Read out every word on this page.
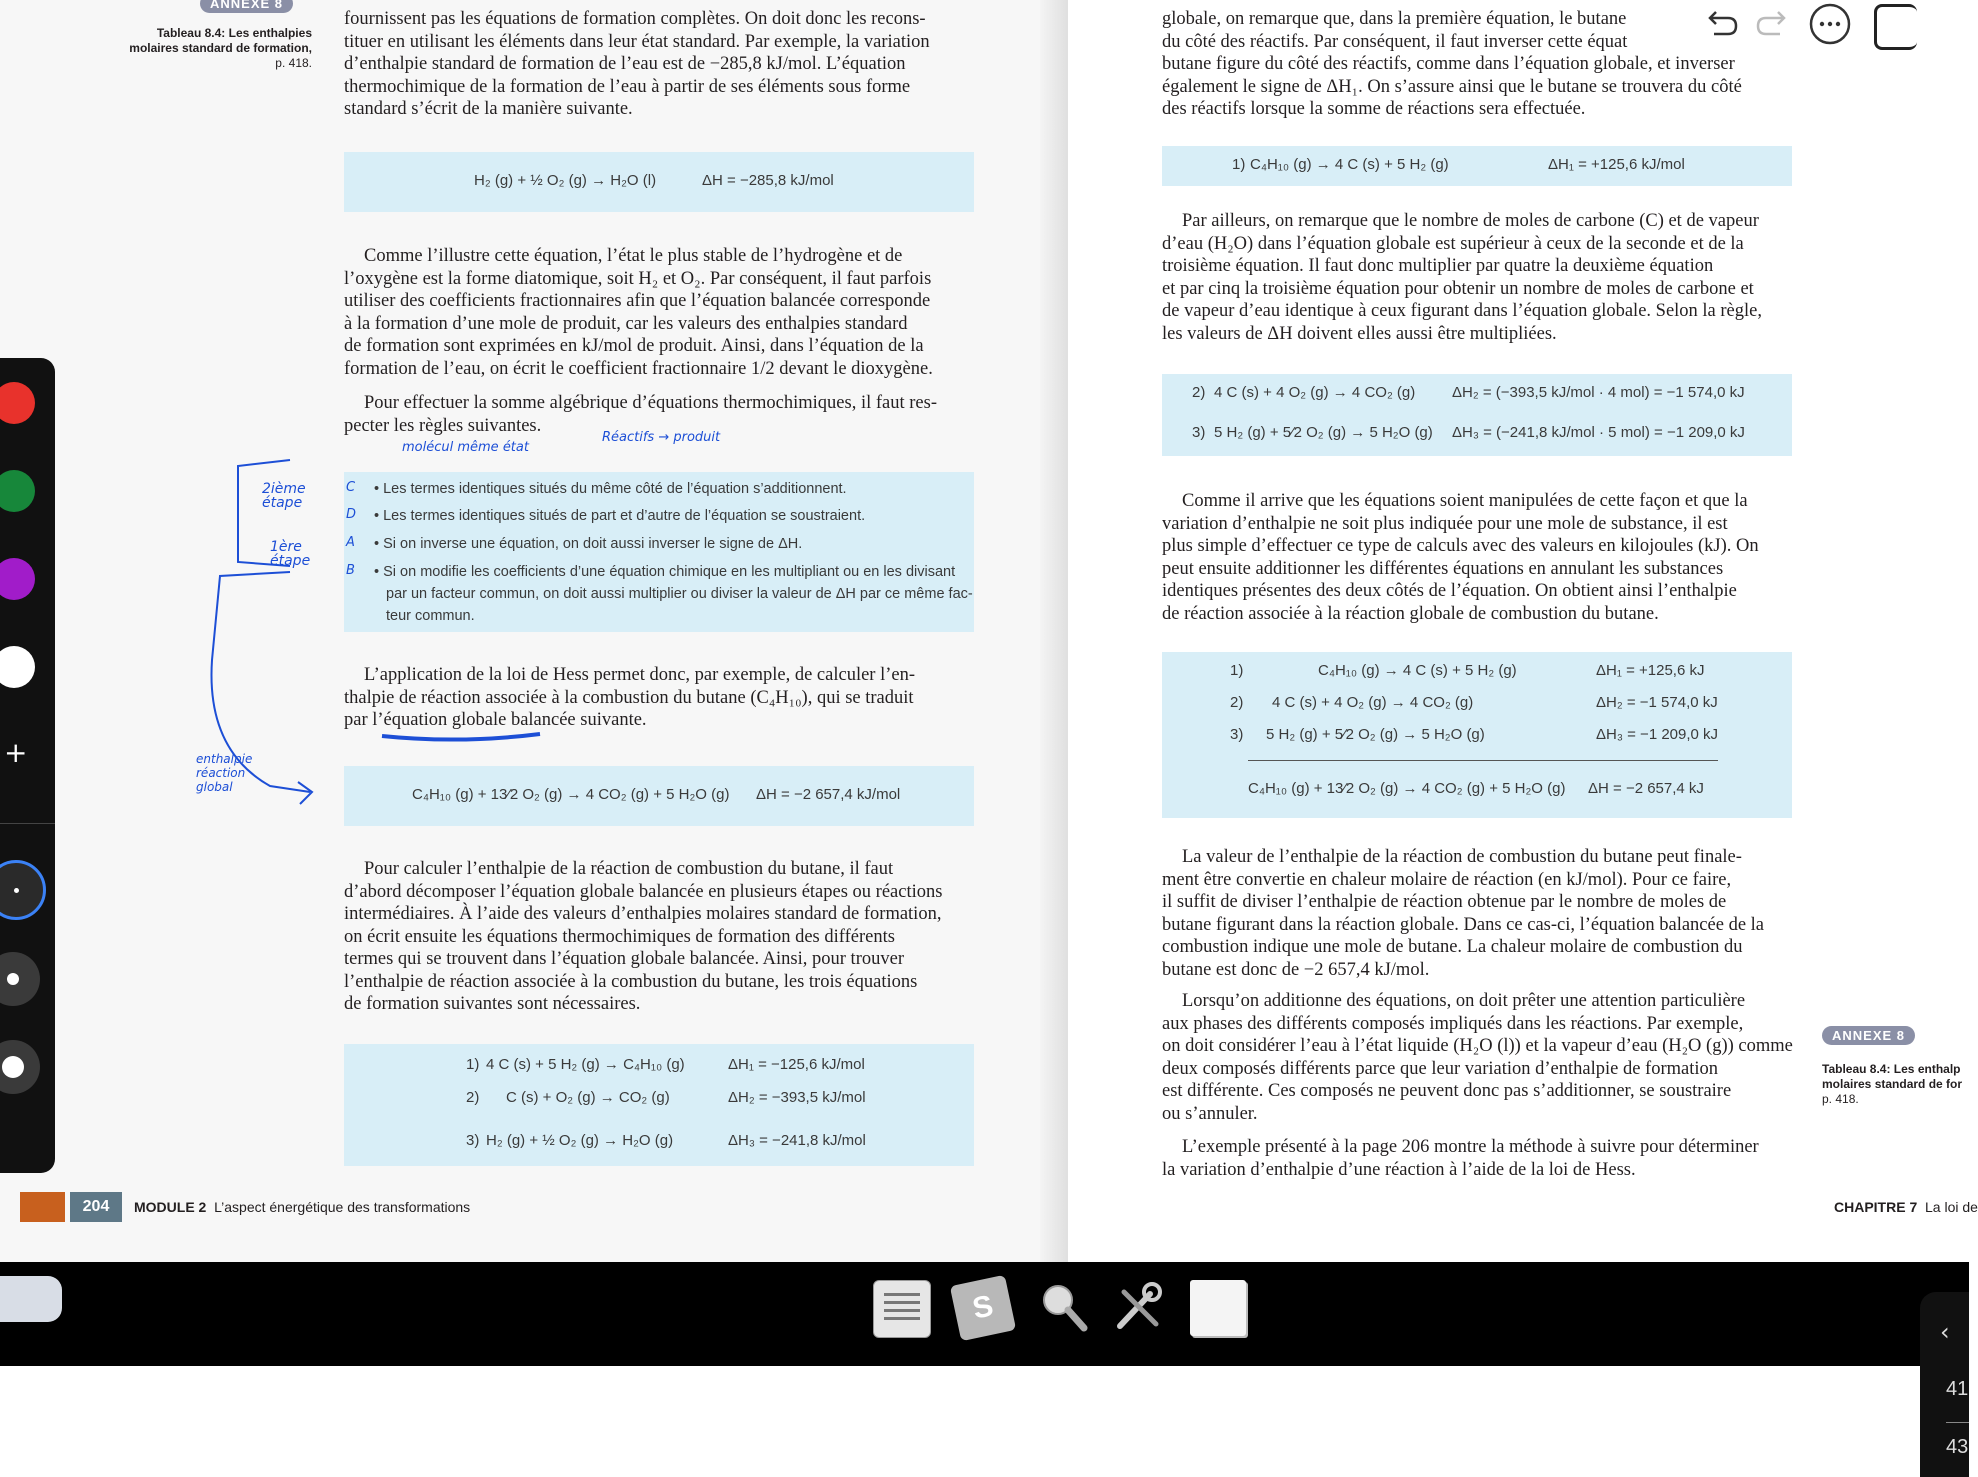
ANNEXE 8
Tableau 8.4: Les enthalpies
molaires standard de formation,
p. 418.

fournissent pas les équations de formation complètes. On doit donc les recons-

tituer en utilisant les éléments dans leur état standard. Par exemple, la variation

d’enthalpie standard de formation de l’eau est de −285,8 kJ/mol. L’équation

thermochimique de la formation de l’eau à partir de ses éléments sous forme

standard s’écrit de la manière suivante.

H₂ (g) + ½ O₂ (g) → H₂O (l)	ΔH = −285,8 kJ/mol

Comme l’illustre cette équation, l’état le plus stable de l’hydrogène et de

l’oxygène est la forme diatomique, soit H₂ et O₂. Par conséquent, il faut parfois

utiliser des coefficients fractionnaires afin que l’équation balancée corresponde

à la formation d’une mole de produit, car les valeurs des enthalpies standard

de formation sont exprimées en kJ/mol de produit. Ainsi, dans l’équation de la

formation de l’eau, on écrit le coefficient fractionnaire 1/2 devant le dioxygène.

Pour effectuer la somme algébrique d’équations thermochimiques, il faut res-

pecter les règles suivantes.

• Les termes identiques situés du même côté de l’équation s’additionnent.
• Les termes identiques situés de part et d’autre de l’équation se soustraient.
• Si on inverse une équation, on doit aussi inverser le signe de ΔH.
• Si on modifie les coefficients d’une équation chimique en les multipliant ou en les divisant
par un facteur commun, on doit aussi multiplier ou diviser la valeur de ΔH par ce même fac-
teur commun.
C
D
A
B

L’application de la loi de Hess permet donc, par exemple, de calculer l’en-

thalpie de réaction associée à la combustion du butane (C₄H₁₀), qui se traduit

par l’équation globale balancée suivante.

C₄H₁₀ (g) + 13⁄2 O₂ (g) → 4 CO₂ (g) + 5 H₂O (g) ΔH = −2 657,4 kJ/mol

Pour calculer l’enthalpie de la réaction de combustion du butane, il faut

d’abord décomposer l’équation globale balancée en plusieurs étapes ou réactions

intermédiaires. À l’aide des valeurs d’enthalpies molaires standard de formation,

on écrit ensuite les équations thermochimiques de formation des différents

termes qui se trouvent dans l’équation globale balancée. Ainsi, pour trouver

l’enthalpie de réaction associée à la combustion du butane, les trois équations

de formation suivantes sont nécessaires.

1) 4 C (s) + 5 H₂ (g) → C₄H₁₀ (g)	ΔH₁ = −125,6 kJ/mol
2) C (s) + O₂ (g) → CO₂ (g)	ΔH₂ = −393,5 kJ/mol
3) H₂ (g) + ½ O₂ (g) → H₂O (g)	ΔH₃ = −241,8 kJ/mol
204	MODULE 2 L’aspect énergétique des transformations
2ième étape
1ère étape
molécul même état
Réactifs → produit
enthalpie réaction global

globale, on remarque que, dans la première équation, le butane

du côté des réactifs. Par conséquent, il faut inverser cette équat

butane figure du côté des réactifs, comme dans l’équation globale, et inverser

également le signe de ΔH₁. On s’assure ainsi que le butane se trouvera du côté

des réactifs lorsque la somme de réactions sera effectuée.

1) C₄H₁₀ (g) → 4 C (s) + 5 H₂ (g)	ΔH₁ = +125,6 kJ/mol

Par ailleurs, on remarque que le nombre de moles de carbone (C) et de vapeur

d’eau (H₂O) dans l’équation globale est supérieur à ceux de la seconde et de la

troisième équation. Il faut donc multiplier par quatre la deuxième équation

et par cinq la troisième équation pour obtenir un nombre de moles de carbone et

de vapeur d’eau identique à ceux figurant dans l’équation globale. Selon la règle,

les valeurs de ΔH doivent elles aussi être multipliées.

2) 4 C (s) + 4 O₂ (g) → 4 CO₂ (g) ΔH₂ = (−393,5 kJ/mol · 4 mol) = −1 574,0 kJ
3) 5 H₂ (g) + 5⁄2 O₂ (g) → 5 H₂O (g) ΔH₃ = (−241,8 kJ/mol · 5 mol) = −1 209,0 kJ

Comme il arrive que les équations soient manipulées de cette façon et que la

variation d’enthalpie ne soit plus indiquée pour une mole de substance, il est

plus simple d’effectuer ce type de calculs avec des valeurs en kilojoules (kJ). On

peut ensuite additionner les différentes équations en annulant les substances

identiques présentes des deux côtés de l’équation. On obtient ainsi l’enthalpie

de réaction associée à la réaction globale de combustion du butane.

1)	C₄H₁₀ (g) → 4 C (s) + 5 H₂ (g)	ΔH₁ = +125,6 kJ
2) 4 C (s) + 4 O₂ (g) → 4 CO₂ (g)	ΔH₂ = −1 574,0 kJ
3) 5 H₂ (g) + 5⁄2 O₂ (g) → 5 H₂O (g)	ΔH₃ = −1 209,0 kJ
C₄H₁₀ (g) + 13⁄2 O₂ (g) → 4 CO₂ (g) + 5 H₂O (g) ΔH = −2 657,4 kJ

La valeur de l’enthalpie de la réaction de combustion du butane peut finale-

ment être convertie en chaleur molaire de réaction (en kJ/mol). Pour ce faire,

il suffit de diviser l’enthalpie de réaction obtenue par le nombre de moles de

butane figurant dans la réaction globale. Dans ce cas-ci, l’équation balancée de la

combustion indique une mole de butane. La chaleur molaire de combustion du

butane est donc de −2 657,4 kJ/mol.

Lorsqu’on additionne des équations, on doit prêter une attention particulière

aux phases des différents composés impliqués dans les réactions. Par exemple,

on doit considérer l’eau à l’état liquide (H₂O (l)) et la vapeur d’eau (H₂O (g)) comme

deux composés différents parce que leur variation d’enthalpie de formation

est différente. Ces composés ne peuvent donc pas s’additionner, se soustraire

ou s’annuler.

L’exemple présenté à la page 206 montre la méthode à suivre pour déterminer

la variation d’enthalpie d’une réaction à l’aide de la loi de Hess.

ANNEXE 8
Tableau 8.4: Les enthalp
molaires standard de for
p. 418.
CHAPITRE 7 La loi de
+
S
‹
41
43
